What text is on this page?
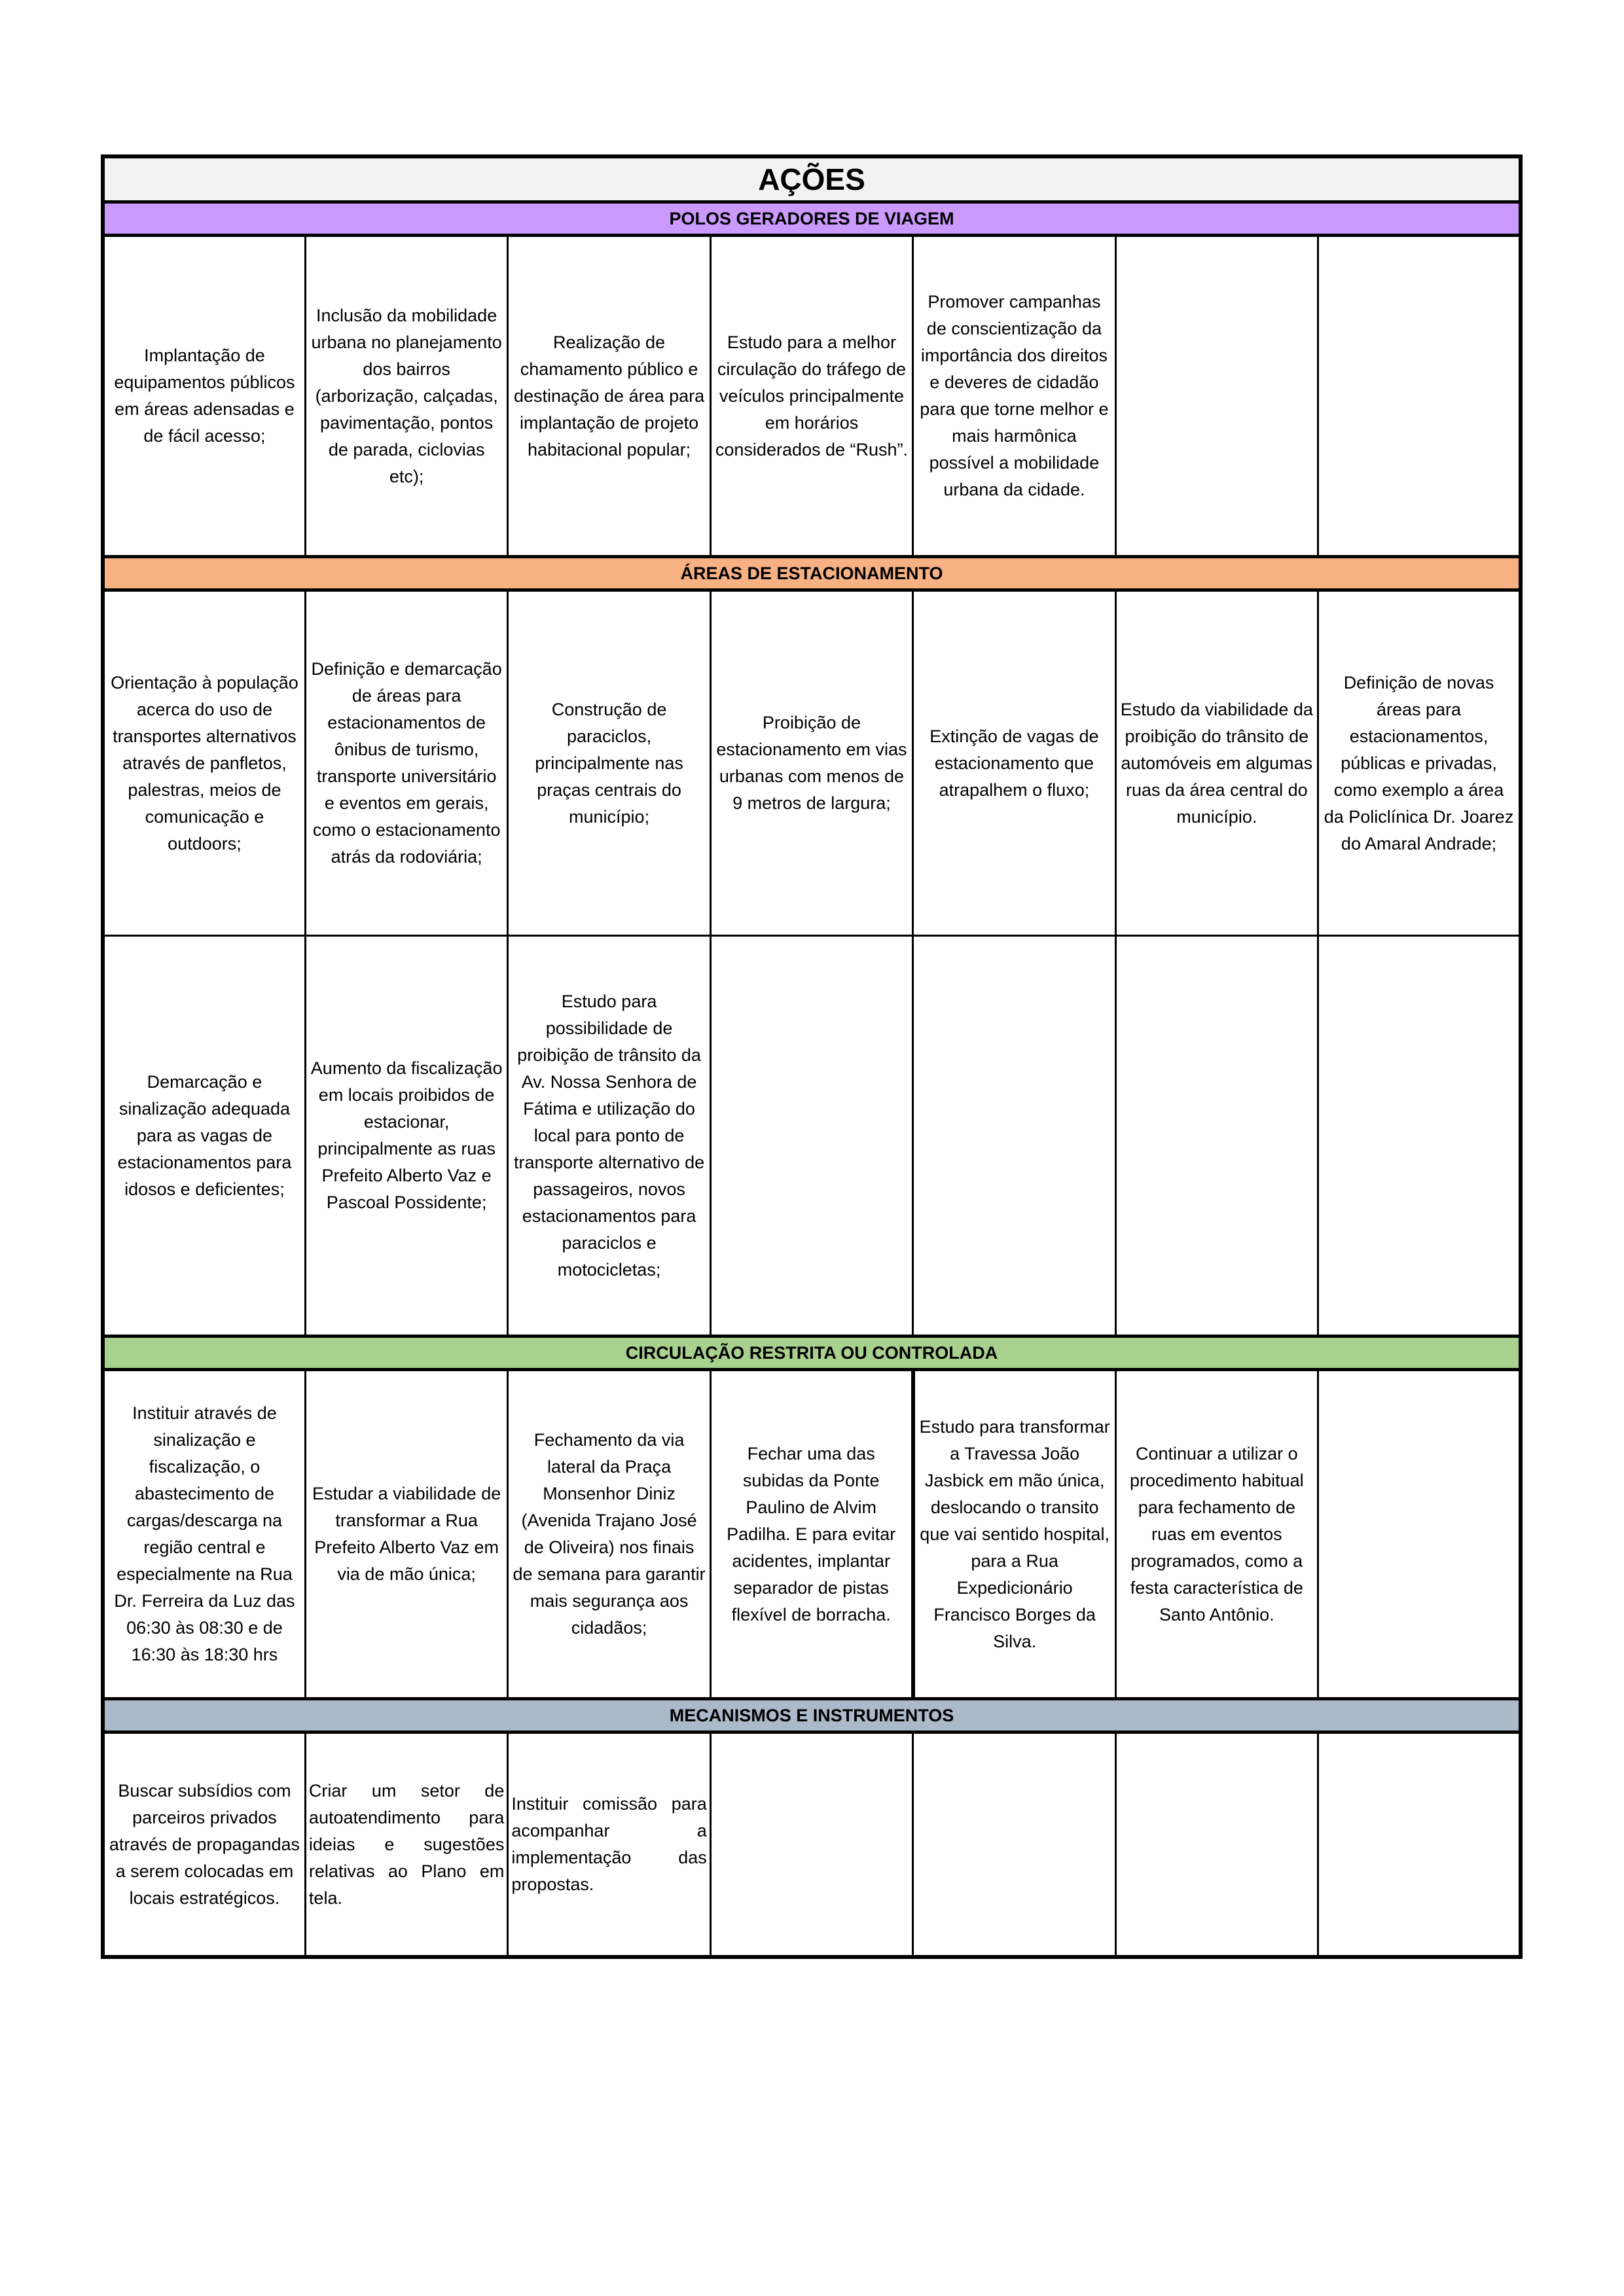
AÇÕES						
POLOS GERADORES DE VIAGEM						
Implantação de equipamentos públicos em áreas adensadas e de fácil acesso;	Inclusão da mobilidade urbana no planejamento dos bairros (arborização, calçadas, pavimentação, pontos de parada, ciclovias etc);	Realização de chamamento público e destinação de área para implantação de projeto habitacional popular;	Estudo para a melhor circulação do tráfego de veículos principalmente em horários considerados de “Rush”.	Promover campanhas de conscientização da importância dos direitos e deveres de cidadão para que torne melhor e mais harmônica possível a mobilidade urbana da cidade.		
ÁREAS DE ESTACIONAMENTO						
Orientação à população acerca do uso de transportes alternativos através de panfletos, palestras, meios de comunicação e outdoors;	Definição e demarcação de áreas para estacionamentos de ônibus de turismo, transporte universitário e eventos em gerais, como o estacionamento atrás da rodoviária;	Construção de paraciclos, principalmente nas praças centrais do município;	Proibição de estacionamento em vias urbanas com menos de 9 metros de largura;	Extinção de vagas de estacionamento que atrapalhem o fluxo;	Estudo da viabilidade da proibição do trânsito de automóveis em algumas ruas da área central do município.	Definição de novas áreas para estacionamentos, públicas e privadas, como exemplo a área da Policlínica Dr. Joarez do Amaral Andrade;
Demarcação e sinalização adequada para as vagas de estacionamentos para idosos e deficientes;	Aumento da fiscalização em locais proibidos de estacionar, principalmente as ruas Prefeito Alberto Vaz e Pascoal Possidente;	Estudo para possibilidade de proibição de trânsito da Av. Nossa Senhora de Fátima e utilização do local para ponto de transporte alternativo de passageiros, novos estacionamentos para paraciclos e motocicletas;				
CIRCULAÇÃO RESTRITA OU CONTROLADA						
Instituir através de sinalização e fiscalização, o abastecimento de cargas/descarga na região central e especialmente na Rua Dr. Ferreira da Luz das 06:30 às 08:30 e de 16:30 às 18:30 hrs	Estudar a viabilidade de transformar a Rua Prefeito Alberto Vaz em via de mão única;	Fechamento da via lateral da Praça Monsenhor Diniz (Avenida Trajano José de Oliveira) nos finais de semana para garantir mais segurança aos cidadãos;	Fechar uma das subidas da Ponte Paulino de Alvim Padilha. E para evitar acidentes, implantar separador de pistas flexível de borracha.	Estudo para transformar a Travessa João Jasbick em mão única, deslocando o transito que vai sentido hospital, para a Rua Expedicionário Francisco Borges da Silva.	Continuar a utilizar o procedimento habitual para fechamento de ruas em eventos programados, como a festa característica de Santo Antônio.	
MECANISMOS E INSTRUMENTOS						
Buscar subsídios com parceiros privados através de propagandas a serem colocadas em locais estratégicos.	Criar um setor de autoatendimento para ideias e sugestões relativas ao Plano em tela.	Instituir comissão para acompanhar a implementação das propostas.				
